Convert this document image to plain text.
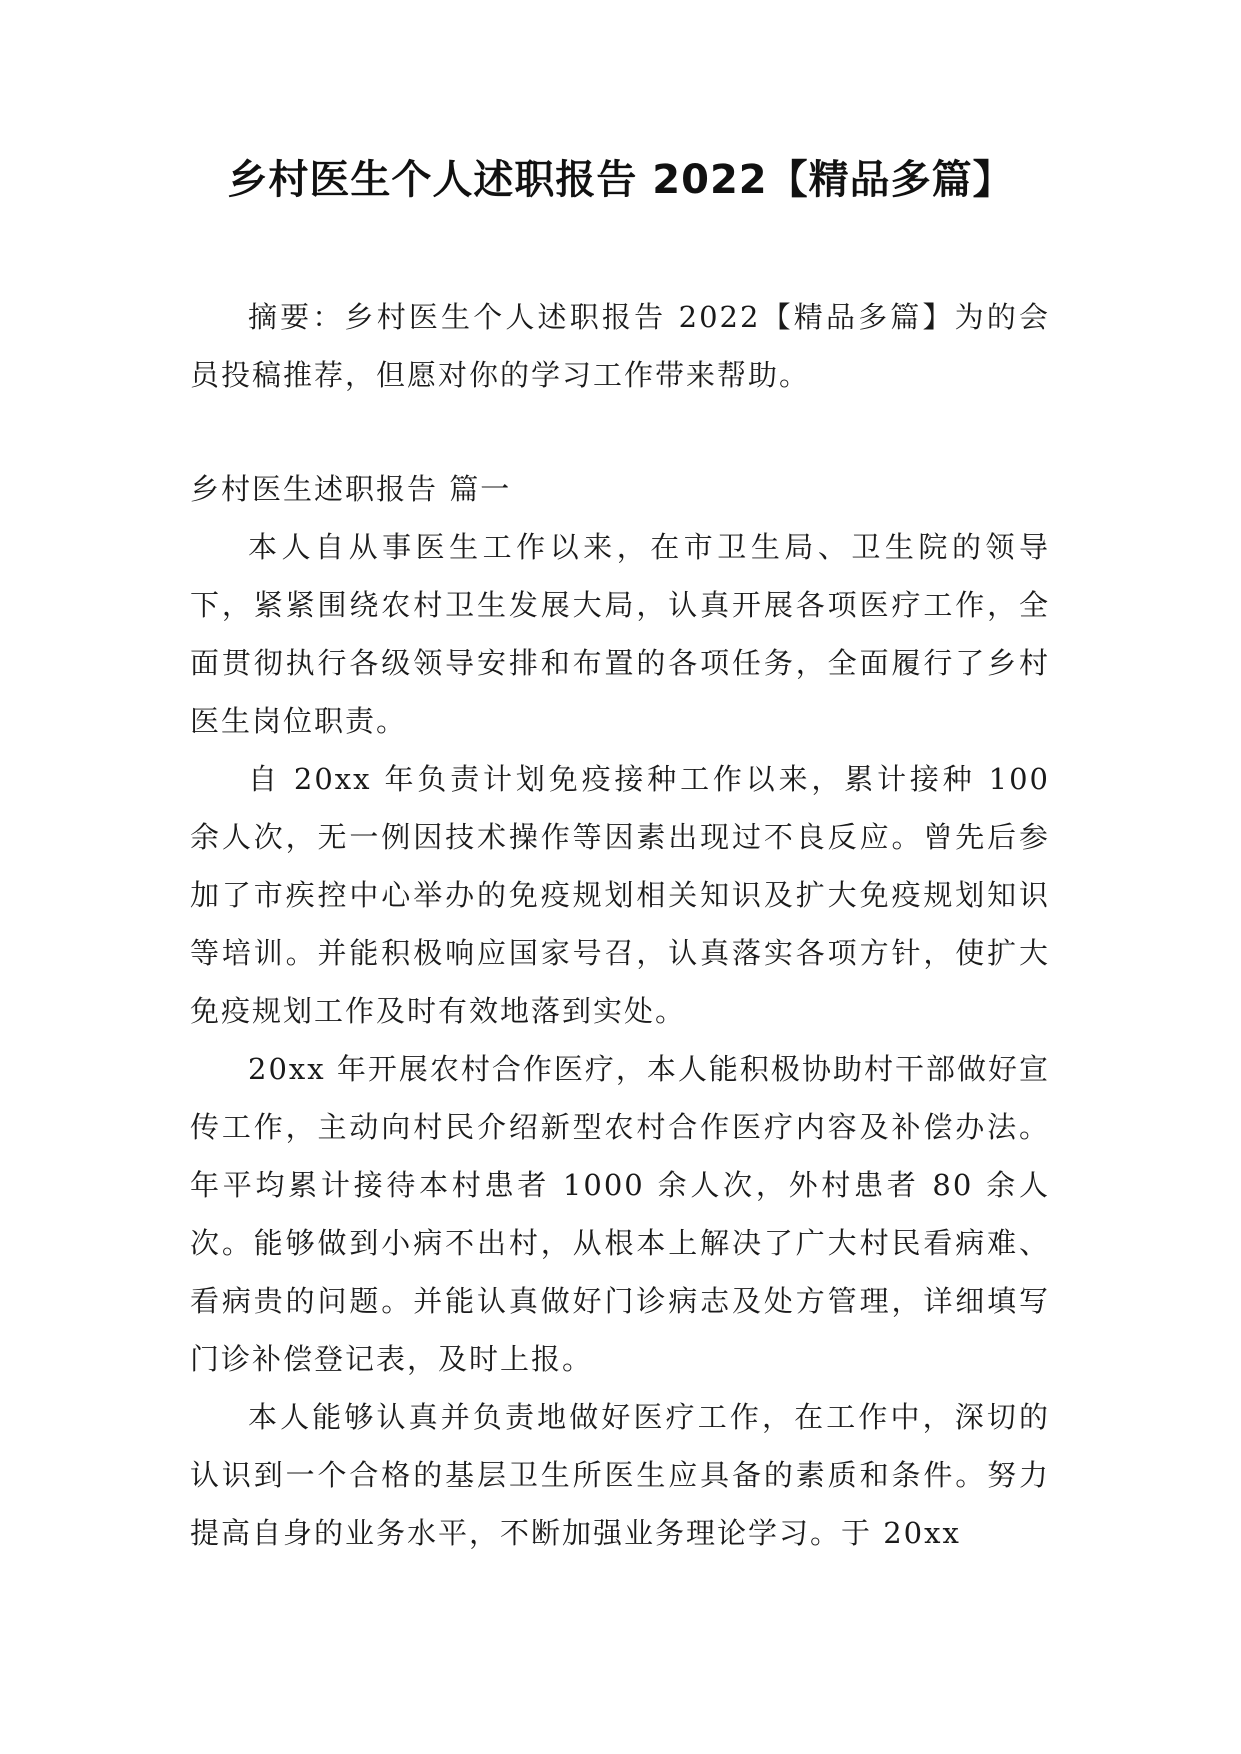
乡村医生个人述职报告 2022【精品多篇】

摘要：乡村医生个人述职报告 2022【精品多篇】为的会员投稿推荐，但愿对你的学习工作带来帮助。

乡村医生述职报告 篇一

本人自从事医生工作以来，在市卫生局、卫生院的领导下，紧紧围绕农村卫生发展大局，认真开展各项医疗工作，全面贯彻执行各级领导安排和布置的各项任务，全面履行了乡村医生岗位职责。

自 20xx 年负责计划免疫接种工作以来，累计接种 100 余人次，无一例因技术操作等因素出现过不良反应。曾先后参加了市疾控中心举办的免疫规划相关知识及扩大免疫规划知识等培训。并能积极响应国家号召，认真落实各项方针，使扩大免疫规划工作及时有效地落到实处。

20xx 年开展农村合作医疗，本人能积极协助村干部做好宣传工作，主动向村民介绍新型农村合作医疗内容及补偿办法。年平均累计接待本村患者 1000 余人次，外村患者 80 余人次。能够做到小病不出村，从根本上解决了广大村民看病难、看病贵的问题。并能认真做好门诊病志及处方管理，详细填写门诊补偿登记表，及时上报。

本人能够认真并负责地做好医疗工作，在工作中，深切的认识到一个合格的基层卫生所医生应具备的素质和条件。努力提高自身的业务水平，不断加强业务理论学习。于 20xx
